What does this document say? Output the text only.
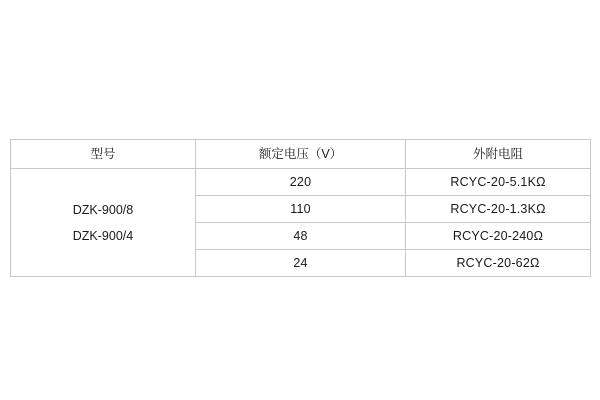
型号	额定电压（V）	外附电阻

DZK-900/8
DZK-900/4	220	RCYC-20-5.1KΩ
	110	RCYC-20-1.3KΩ
	48	RCYC-20-240Ω
	24	RCYC-20-62Ω
